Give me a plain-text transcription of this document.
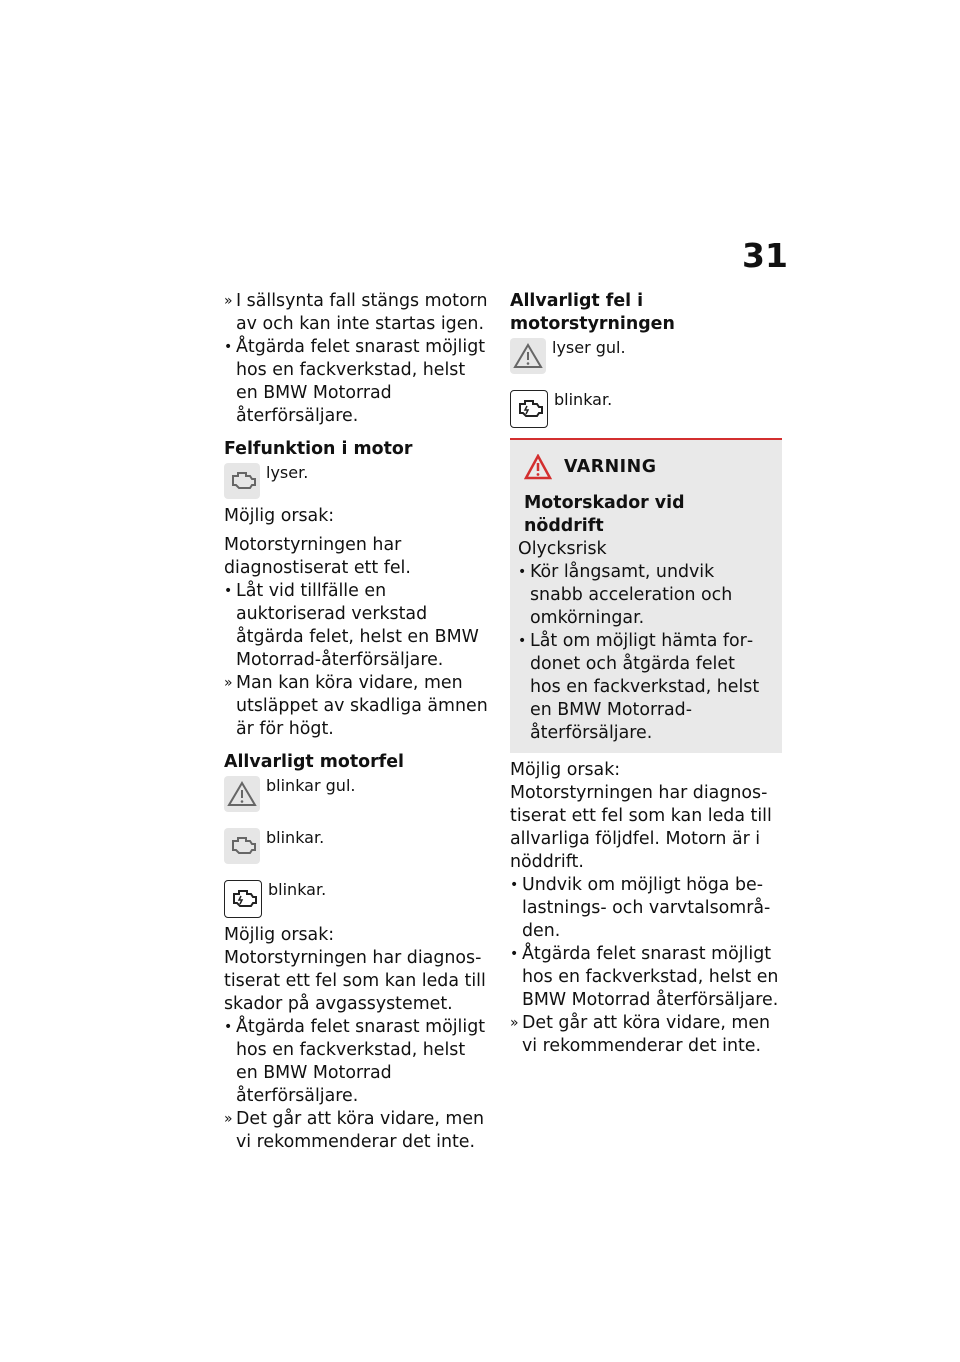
31
» I sällsynta fall stängs motorn av och kan inte startas igen.
• Åtgärda felet snarast möjligt hos en fackverkstad, helst en BMW Motorrad återförsäljare.
Felfunktion i motor
lyser.

Möjlig orsak:

Motorstyrningen har diagnostiserat ett fel.

• Låt vid tillfälle en auktoriserad verkstad åtgärda felet, helst en BMW Motorrad-återförsäljare.
» Man kan köra vidare, men utsläppet av skadliga ämnen är för högt.
Allvarligt motorfel
blinkar gul.
blinkar.
blinkar.

Möjlig orsak:

Motorstyrningen har diagnostiserat ett fel som kan leda till skador på avgassystemet.

• Åtgärda felet snarast möjligt hos en fackverkstad, helst en BMW Motorrad återförsäljare.
» Det går att köra vidare, men vi rekommenderar det inte.
Allvarligt fel i motorstyrningen
lyser gul.
blinkar.
VARNING
Motorskador vid nöddrift

Olycksrisk

• Kör långsamt, undvik snabb acceleration och omkörningar.
• Låt om möjligt hämta fordonet och åtgärda felet hos en fackverkstad, helst en BMW Motorrad-återförsäljare.

Möjlig orsak:

Motorstyrningen har diagnostiserat ett fel som kan leda till allvarliga följdfel. Motorn är i nöddrift.

• Undvik om möjligt höga belastnings- och varvtalsområden.
• Åtgärda felet snarast möjligt hos en fackverkstad, helst en BMW Motorrad återförsäljare.
» Det går att köra vidare, men vi rekommenderar det inte.
